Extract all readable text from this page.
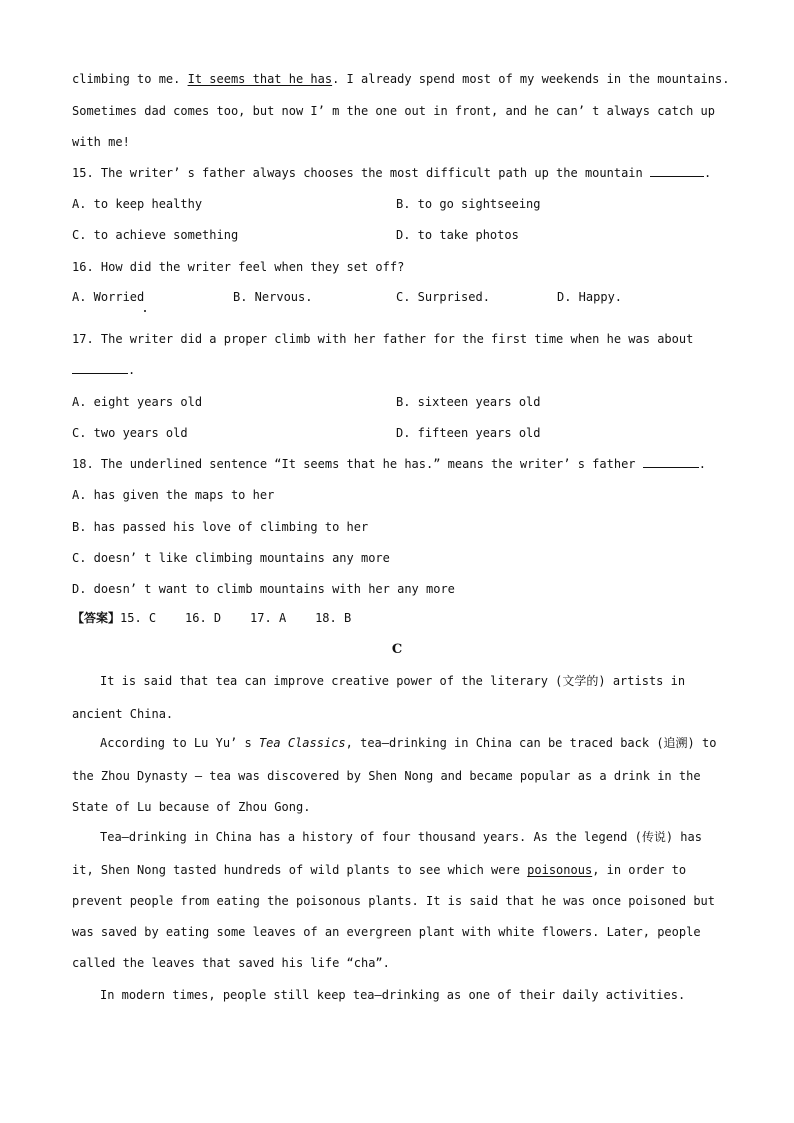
climbing to me. It seems that he has. I already spend most of my weekends in the mountains.
Sometimes dad comes too, but now I’ m the one out in front, and he can’ t always catch up
with me!
15. The writer’ s father always chooses the most difficult path up the mountain	.
A. to keep healthy	B. to go sightseeing
C. to achieve something	D. to take photos
16. How did the writer feel when they set off?
A. Worried	B. Nervous.	C. Surprised.	D. Happy.
17. The writer did a proper climb with her father for the first time when he was about
.
A. eight years old	B. sixteen years old
C. two years old	D. fifteen years old
18. The underlined sentence “It seems that he has.” means the writer’ s father	.
A. has given the maps to her
B. has passed his love of climbing to her
C. doesn’ t like climbing mountains any more
D. doesn’ t want to climb mountains with her any more
【答案】15. C    16. D    17. A    18. B
C
It is said that tea can improve creative power of the literary (文学的) artists in
ancient China.
According to Lu Yu’ s Tea Classics, tea—drinking in China can be traced back (追溯) to
the Zhou Dynasty — tea was discovered by Shen Nong and became popular as a drink in the
State of Lu because of Zhou Gong.
Tea—drinking in China has a history of four thousand years. As the legend (传说) has
it, Shen Nong tasted hundreds of wild plants to see which were poisonous, in order to
prevent people from eating the poisonous plants. It is said that he was once poisoned but
was saved by eating some leaves of an evergreen plant with white flowers. Later, people
called the leaves that saved his life “cha”.
In modern times, people still keep tea—drinking as one of their daily activities.
